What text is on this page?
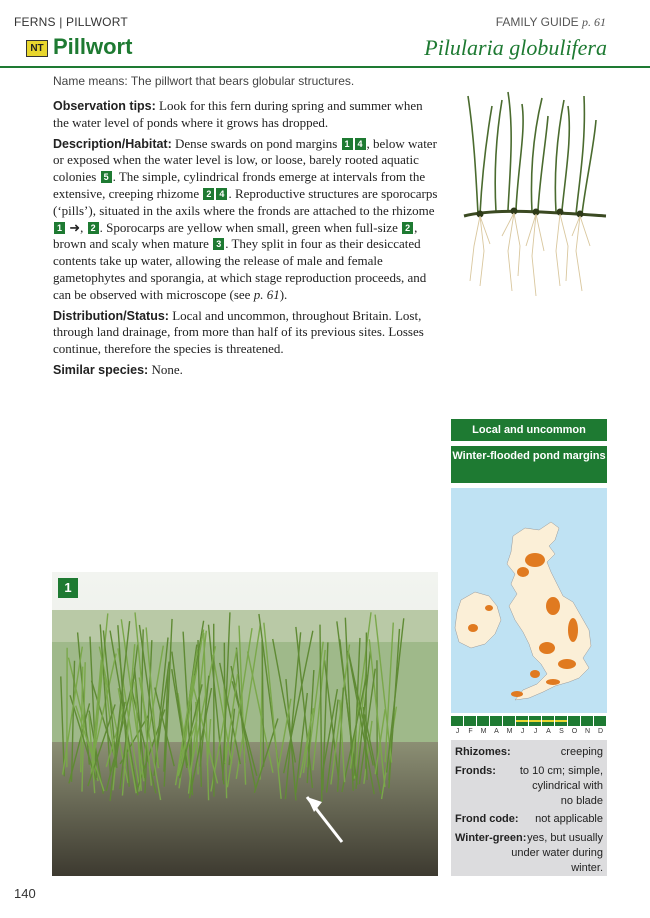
FERNS | PILLWORT	FAMILY GUIDE p. 61
NT Pillwort	Pilularia globulifera
Name means: The pillwort that bears globular structures.

Observation tips: Look for this fern during spring and summer when the water level of ponds where it grows has dropped.

Description/Habitat: Dense swards on pond margins 1 4 , below water or exposed when the water level is low, or loose, barely rooted aquatic colonies 5 . The simple, cylindrical fronds emerge at intervals from the extensive, creeping rhizome 2 4 . Reproductive structures are sporocarps (‘pills’), situated in the axils where the fronds are attached to the rhizome 1 ➜, 2 . Sporocarps are yellow when small, green when full-size 2 , brown and scaly when mature 3 . They split in four as their desiccated contents take up water, allowing the release of male and female gametophytes and sporangia, at which stage reproduction proceeds, and can be observed with microscope (see p. 61).

Distribution/Status: Local and uncommon, throughout Britain. Lost, through land drainage, from more than half of its previous sites. Losses continue, therefore the species is threatened.

Similar species: None.

Local and uncommon
Winter-flooded pond margins
J	F	M	A	M	J	J	A	S	O	N	D
Rhizomes:	creeping
Fronds:	to 10 cm; simple, cylindrical with no blade
Frond code:	not applicable
Winter-green: yes, but usually under water during winter.
1
140
